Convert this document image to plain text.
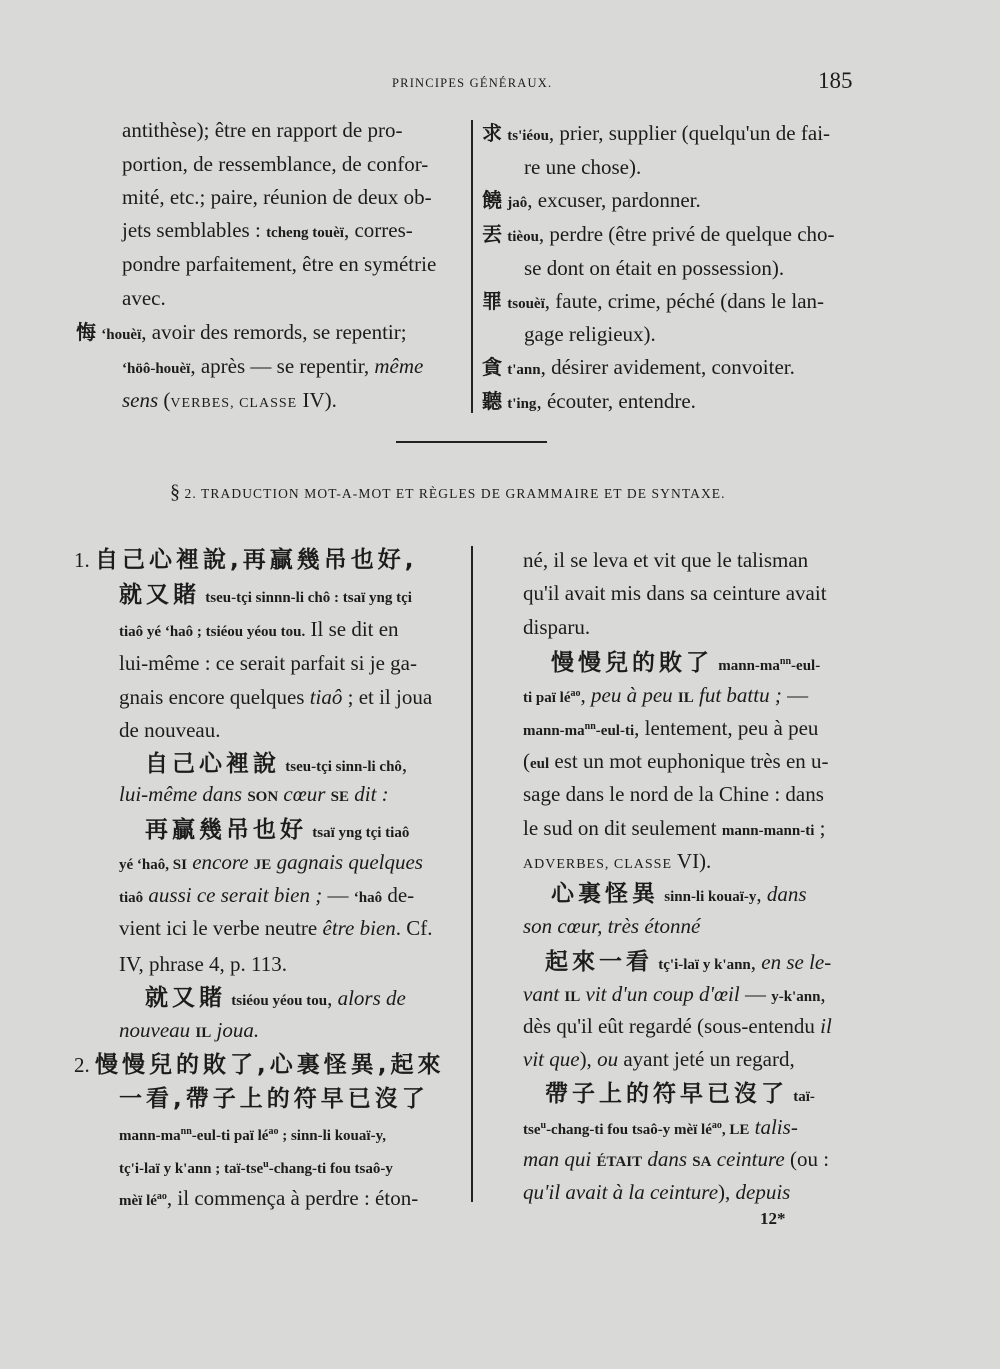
PRINCIPES GÉNÉRAUX.	185
antithèse); être en rapport de pro-
portion, de ressemblance, de confor-
mité, etc.; paire, réunion de deux ob-
jets semblables : tcheng touèï, corres-
pondre parfaitement, être en symétrie
avec.
悔 ʻhouèï, avoir des remords, se repentir;
ʻhöô-houèï, après — se repentir, même
sens (VERBES, CLASSE IV).
求 ts'iéou, prier, supplier (quelqu'un de fai-
re une chose).
饒 jaô, excuser, pardonner.
丟 tièou, perdre (être privé de quelque cho-
se dont on était en possession).
罪 tsouèï, faute, crime, péché (dans le lan-
gage religieux).
貪 t'ann, désirer avidement, convoiter.
聽 t'ing, écouter, entendre.
§ 2. TRADUCTION MOT-A-MOT ET RÈGLES DE GRAMMAIRE ET DE SYNTAXE.
1. 自己心裡說,再贏幾吊也好,
就又賭 tseu-tçi sinnn-li chô : tsaï yng tçi
tiaô yé ʻhaô ; tsiéou yéou tou. Il se dit en
lui-même : ce serait parfait si je ga-
gnais encore quelques tiaô ; et il joua
de nouveau.
自己心裡說 tseu-tçi sinn-li chô,
lui-même dans SON cœur SE dit :
再贏幾吊也好 tsaï yng tçi tiaô
yé ʻhaô, SI encore JE gagnais quelques
tiaô aussi ce serait bien ; — ʻhaô de-
vient ici le verbe neutre être bien. Cf.
IV, phrase 4, p. 113.
就又賭 tsiéou yéou tou, alors de
nouveau IL joua.
2. 慢慢兒的敗了,心裏怪異,起來
一看,帶子上的符早已沒了
mann-$ma^{nn}-eul-ti$ paï $lé^{ao}$ ; sinn-li kouaï-y,
tç'i-laï y k'ann ; taï-tse$^u$-chang-ti fou tsaô-y
mèï $lé^{ao}$, il commença à perdre : éton-
né, il se leva et vit que le talisman
qu'il avait mis dans sa ceinture avait
disparu.
慢慢兒的敗了 mann-$ma^{nn}-eul-$
ti paï $lé^{ao}$, peu à peu IL fut battu ; —
mann-$ma^{nn}-eul-ti$, lentement, peu à peu
(eul est un mot euphonique très en u-
sage dans le nord de la Chine : dans
le sud on dit seulement mann-mann-ti ;
ADVERBES, CLASSE VI).
心裏怪異 sinn-li kouaï-y, dans
son cœur, très étonné
起來一看 tç'i-laï y k'ann, en se le-
vant IL vit d'un coup d'œil — y-k'ann,
dès qu'il eût regardé (sous-entendu il
vit que), ou ayant jeté un regard,
帶子上的符早已沒了 taï-
tse$^u$-chang-ti fou tsaô-y mèï $lé^{ao}$, LE talis-
man qui ÉTAIT dans SA ceinture (ou :
qu'il avait à la ceinture), depuis
12*
